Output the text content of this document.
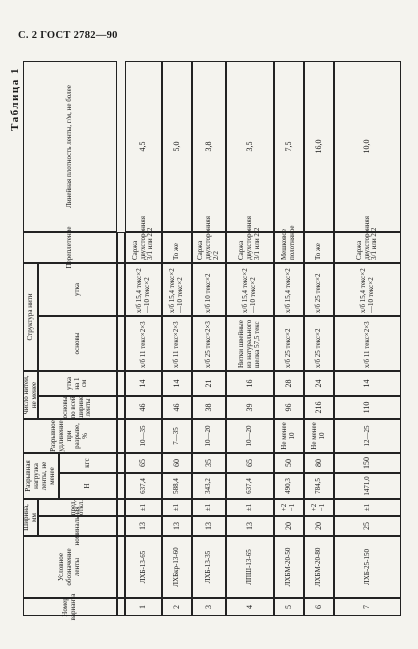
С. 2 ГОСТ 2782—90
Таблица 1
Номер варианта
Условное обозначение ленты
Ширина, мм	номинальная
пред. откл.
Разрывная нагрузка ленты, не менее
Н
кгс
Разрывное удлинение при разрыве, %
Число нитей, не менее	основы по всей ширине ленты
утка на 1 см
Структура нити
основы
утка
Переплетение
Линейная плотность ленты, г/м, не более
1
ЛХБ-13-65
13
±1
637,4
65
10—35
46
14
х/б 11 текс×2×3
х/б 15,4 текс×2—10 текс×2
Саржа двухсторонняя 3/1 или 2/2
4,5
2
ЛХБкр-13-60
13
±1
588,4
60
7—35
46
14
х/б 11 текс×2×3
х/б 15,4 текс×2—10 текс×2
То же
5,0
3
ЛХБ-13-35
13
±1
343,2
35
10—20
38
21
х/б 25 текс×2×3
х/б 10 текс×2
Саржа двухсторонняя 2/2
3,8
4
ЛПШ-13-65
13
±1
637,4
65
10—20
39
16
Нитки швейные из натурального шелка 57,5 текс
х/б 15,4 текс×2—10 текс×2
Саржа двухсторонняя 3/1 или 2/2
3,5
5
ЛХБМ-20-50
20
+2 −1
490,3
50
Не менее 10
96
28
х/б 25 текс×2
х/б 15,4 текс×2
Мешковое полотняное
7,5
6
ЛХБМ-20-80
20
+2 −1
784,5
80
Не менее 10
216
24
х/б 25 текс×2
х/б 25 текс×2
То же
16,0
7
ЛХБ-25-150
25
±1
1471,0
150
12—25
110
14
х/б 11 текс×2×3
х/б 15,4 текс×2—10 текс×2
Саржа двухсторонняя 3/1 или 2/2
10,0
